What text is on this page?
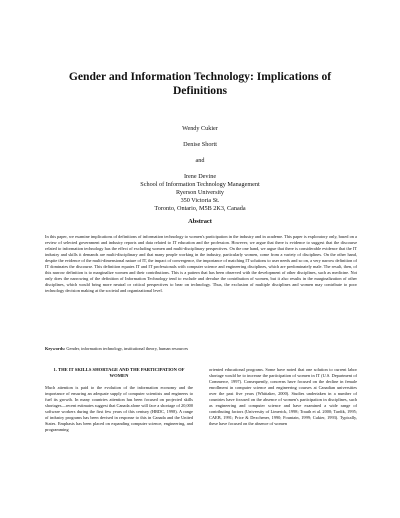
Gender and Information Technology: Implications of Definitions
Wendy Cukier
Denise Shortt
and
Irene Devine
School of Information Technology Management
Ryerson University
350 Victoria St.
Toronto, Ontario, M5B 2K3, Canada
Abstract
In this paper, we examine implications of definitions of information technology to women's participation in the industry and in academe. This paper is exploratory only, based on a review of selected government and industry reports and data related to IT education and the profession. However, we argue that there is evidence to suggest that the discourse related to information technology has the effect of excluding women and multi-disciplinary perspectives. On the one hand, we argue that there is considerable evidence that the IT industry and skills it demands are multi-disciplinary and that many people working in the industry, particularly women, come from a variety of disciplines. On the other hand, despite the evidence of the multi-dimensional nature of IT, the impact of convergence, the importance of matching IT solutions to user needs and so on, a very narrow definition of IT dominates the discourse. This definition equates IT and IT professionals with computer science and engineering disciplines, which are predominately male. The result, then, of this narrow definition is to marginalize women and their contributions. This is a pattern that has been observed with the development of other disciplines, such as medicine. Not only does the narrowing of the definition of Information Technology tend to exclude and devalue the contribution of women, but it also results in the marginalization of other disciplines, which would bring more neutral or critical perspectives to bear on technology. Thus, the exclusion of multiple disciplines and women may contribute to poor technology decision making at the societal and organizational level.
Keywords: Gender, information technology, institutional theory, human resources
1. THE IT SKILLS SHORTAGE AND THE PARTICIPATION OF WOMEN

Much attention is paid to the evolution of the information economy and the importance of ensuring an adequate supply of computer scientists and engineers to fuel its growth. In many countries attention has been focused on projected skills shortages—recent estimates suggest that Canada alone will face a shortage of 20,000 software workers during the first few years of this century (HRDC, 1998). A range of industry programs has been devised in response to this in Canada and the United States. Emphasis has been placed on expanding computer science, engineering, and programming

oriented educational programs. Some have noted that one solution to current labor shortage would be to increase the participation of women in IT (U.S. Department of Commerce, 1997). Consequently, concerns have focused on the decline in female enrollment in computer science and engineering courses at Canadian universities over the past five years (Whittaker, 2000). Studies undertaken in a number of countries have focused on the absence of women's participation in disciplines, such as engineering and computer science and have examined a wide range of contributing factors (University of Limerick, 1998; Trauth et al. 2000; Tardik, 1995; CAEB, 1991; Price & Dexchener, 1990; Fountain, 1999; Cukier, 1993). Typically, these have focused on the absence of women
